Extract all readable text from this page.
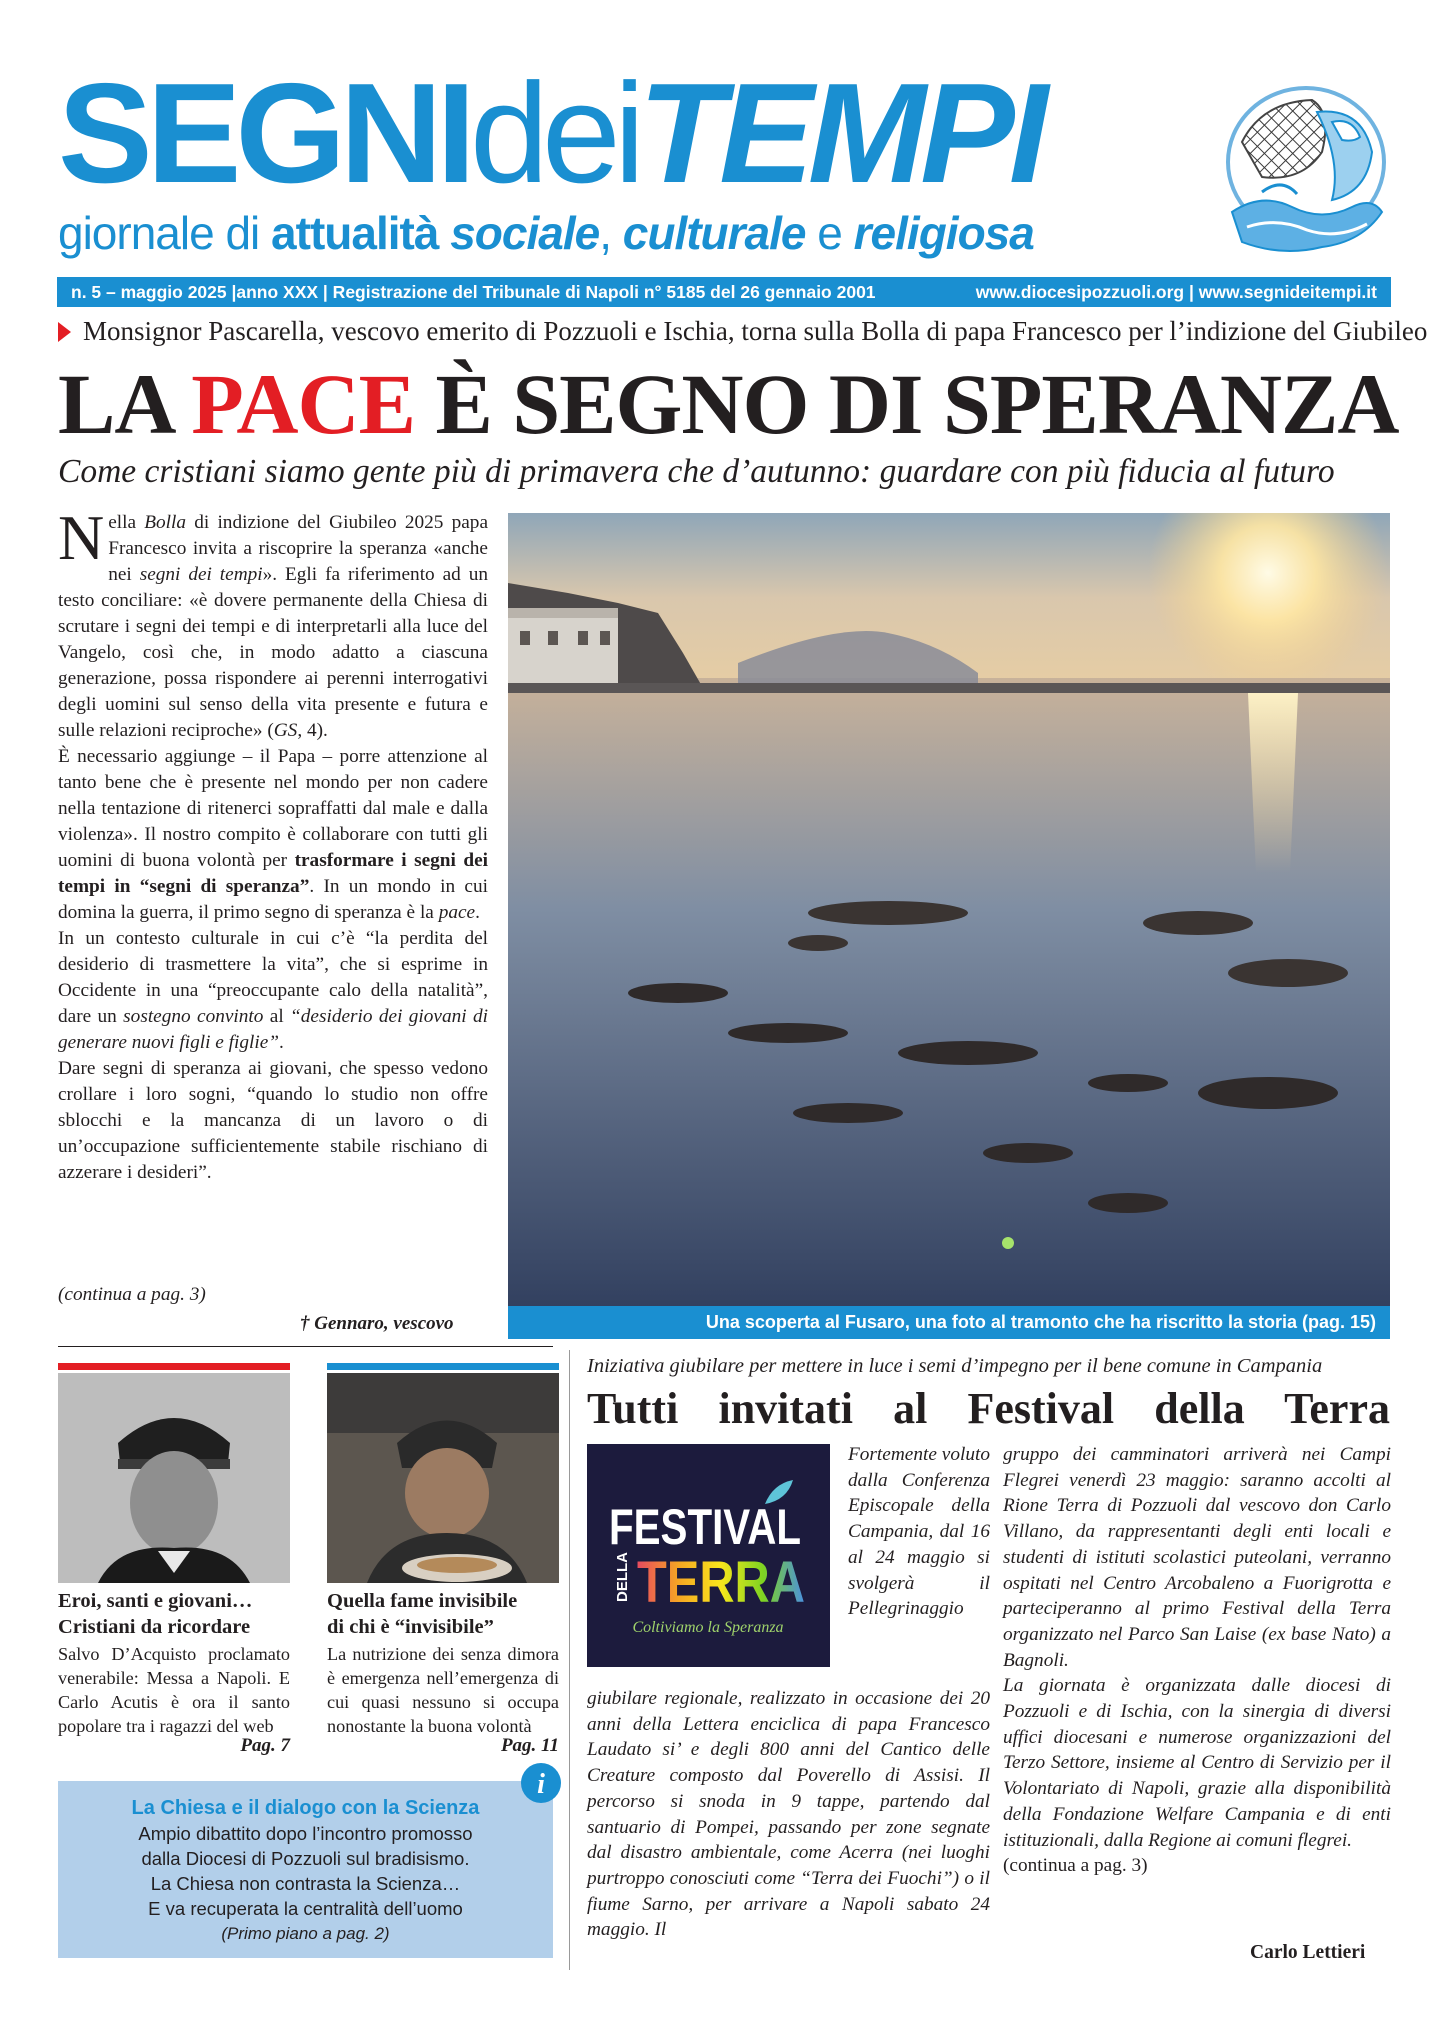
SEGNI dei TEMPI
giornale di attualità sociale, culturale e religiosa
n. 5 – maggio 2025 |anno XXX | Registrazione del Tribunale di Napoli n° 5185 del 26 gennaio 2001	www.diocesipozzuoli.org | www.segnideitempi.it
Monsignor Pascarella, vescovo emerito di Pozzuoli e Ischia, torna sulla Bolla di papa Francesco per l’indizione del Giubileo
LA PACE È SEGNO DI SPERANZA
Come cristiani siamo gente più di primavera che d’autunno: guardare con più fiducia al futuro

Nella Bolla di indizione del Giubileo 2025 papa Francesco invita a riscoprire la speranza «anche nei segni dei tempi». Egli fa riferimento ad un testo conciliare: «è dovere permanente della Chiesa di scrutare i segni dei tempi e di interpretarli alla luce del Vangelo, così che, in modo adatto a ciascuna generazione, possa rispondere ai perenni interrogativi degli uomini sul senso della vita presente e futura e sulle relazioni reciproche» (GS, 4).

È necessario aggiunge – il Papa – porre attenzione al tanto bene che è presente nel mondo per non cadere nella tentazione di ritenerci sopraffatti dal male e dalla violenza». Il nostro compito è collaborare con tutti gli uomini di buona volontà per trasformare i segni dei tempi in “segni di speranza”. In un mondo in cui domina la guerra, il primo segno di speranza è la pace.

In un contesto culturale in cui c’è “la perdita del desiderio di trasmettere la vita”, che si esprime in Occidente in una “preoccupante calo della natalità”, dare un sostegno convinto al “desiderio dei giovani di generare nuovi figli e figlie”.

Dare segni di speranza ai giovani, che spesso vedono crollare i loro sogni, “quando lo studio non offre sblocchi e la mancanza di un lavoro o di un’occupazione sufficientemente stabile rischiano di azzerare i desideri”.

(continua a pag. 3)
† Gennaro, vescovo	Una scoperta al Fusaro, una foto al tramonto che ha riscritto la storia (pag. 15)
Eroi, santi e giovani…
Cristiani da ricordare
Salvo D’Acquisto proclamato venerabile: Messa a Napoli. E Carlo Acutis è ora il santo popolare tra i ragazzi del web
Pag. 7
Quella fame invisibile
di chi è “invisibile”
La nutrizione dei senza dimora è emergenza nell’emergenza di cui quasi nessuno si occupa nonostante la buona volontà
Pag. 11
La Chiesa e il dialogo con la Scienza
Ampio dibattito dopo l’incontro promosso
dalla Diocesi di Pozzuoli sul bradisismo.
La Chiesa non contrasta la Scienza…
E va recuperata la centralità dell’uomo
(Primo piano a pag. 2)
i
Iniziativa giubilare per mettere in luce i semi d’impegno per il bene comune in Campania
Tutti invitati al Festival della Terra
FESTIVAL
TERRA
DELLA
Coltiviamo la Speranza
Fortemente voluto dalla Conferenza Episcopale della Campania, dal 16 al 24 maggio si svolgerà il Pellegrinaggio
giubilare regionale, realizzato in occasione dei 20 anni della Lettera enciclica di papa Francesco Laudato si’ e degli 800 anni del Cantico delle Creature composto dal Poverello di Assisi. Il percorso si snoda in 9 tappe, partendo dal santuario di Pompei, passando per zone segnate dal disastro ambientale, come Acerra (nei luoghi purtroppo conosciuti come “Terra dei Fuochi”) o il fiume Sarno, per arrivare a Napoli sabato 24 maggio. Il
gruppo dei camminatori arriverà nei Campi Flegrei venerdì 23 maggio: saranno accolti al Rione Terra di Pozzuoli dal vescovo don Carlo Villano, da rappresentanti degli enti locali e studenti di istituti scolastici puteolani, verranno ospitati nel Centro Arcobaleno a Fuorigrotta e parteciperanno al primo Festival della Terra organizzato nel Parco San Laise (ex base Nato) a Bagnoli.
La giornata è organizzata dalle diocesi di Pozzuoli e di Ischia, con la sinergia di diversi uffici diocesani e numerose organizzazioni del Terzo Settore, insieme al Centro di Servizio per il Volontariato di Napoli, grazie alla disponibilità della Fondazione Welfare Campania e di enti istituzionali, dalla Regione ai comuni flegrei.
(continua a pag. 3)
Carlo Lettieri
